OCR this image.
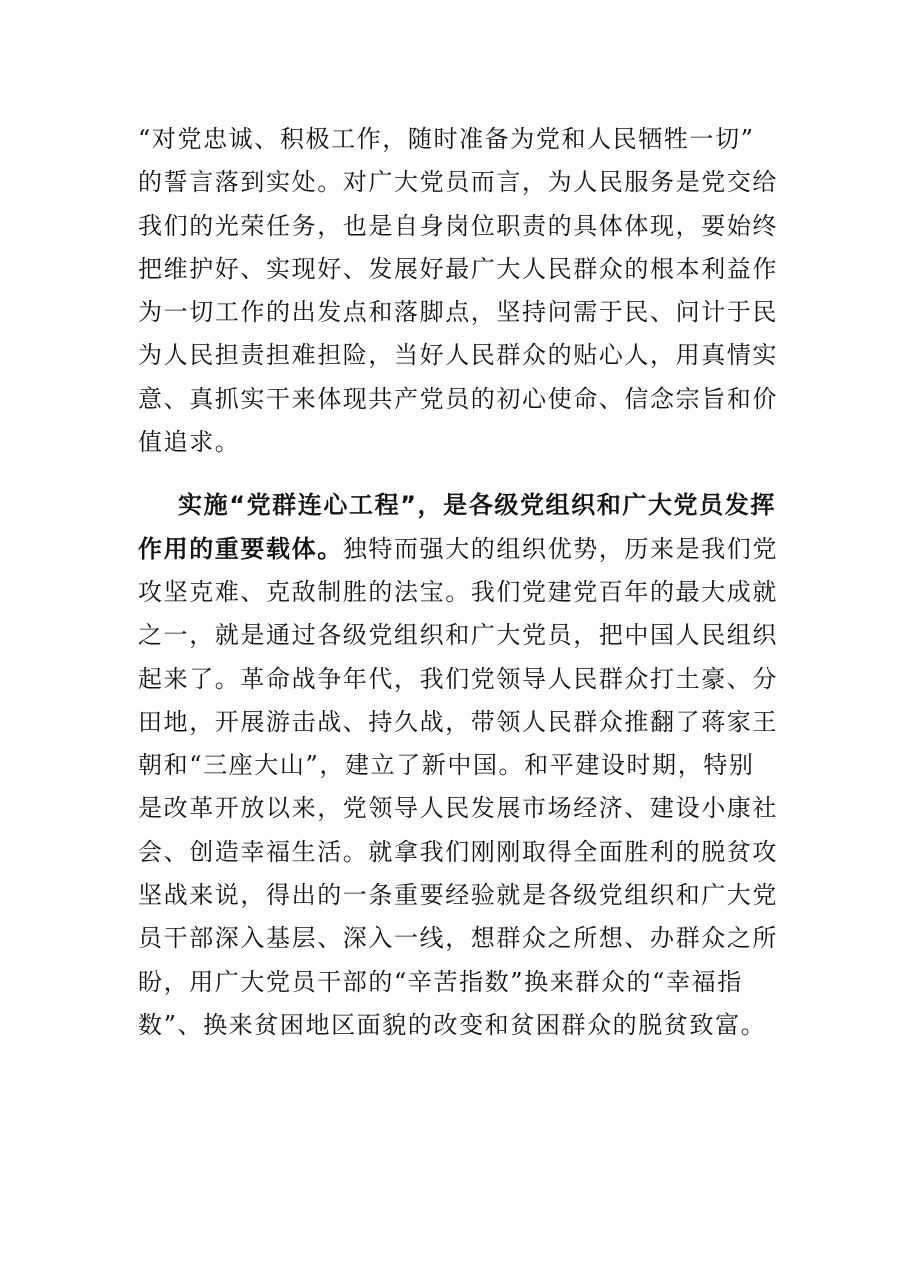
“对党忠诚、积极工作，随时准备为党和人民牺牲一切”
的誓言落到实处。对广大党员而言，为人民服务是党交给
我们的光荣任务，也是自身岗位职责的具体体现，要始终
把维护好、实现好、发展好最广大人民群众的根本利益作
为一切工作的出发点和落脚点，坚持问需于民、问计于民
为人民担责担难担险，当好人民群众的贴心人，用真情实
意、真抓实干来体现共产党员的初心使命、信念宗旨和价
值追求。
实施“党群连心工程”，是各级党组织和广大党员发挥
作用的重要载体。独特而强大的组织优势，历来是我们党
攻坚克难、克敌制胜的法宝。我们党建党百年的最大成就
之一，就是通过各级党组织和广大党员，把中国人民组织
起来了。革命战争年代，我们党领导人民群众打土豪、分
田地，开展游击战、持久战，带领人民群众推翻了蒋家王
朝和“三座大山”，建立了新中国。和平建设时期，特别
是改革开放以来，党领导人民发展市场经济、建设小康社
会、创造幸福生活。就拿我们刚刚取得全面胜利的脱贫攻
坚战来说，得出的一条重要经验就是各级党组织和广大党
员干部深入基层、深入一线，想群众之所想、办群众之所
盼，用广大党员干部的“辛苦指数”换来群众的“幸福指
数”、换来贫困地区面貌的改变和贫困群众的脱贫致富。
